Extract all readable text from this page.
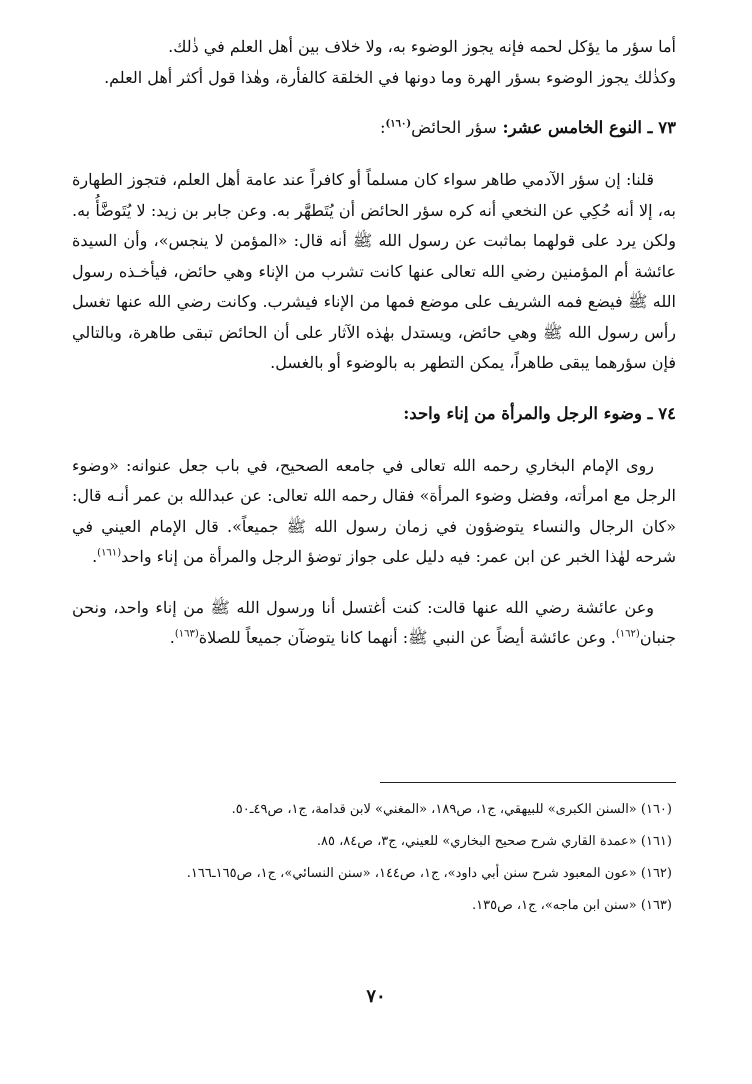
أما سؤر ما يؤكل لحمه فإنه يجوز الوضوء به، ولا خلاف بين أهل العلم في ذٰلك.

وكذٰلك يجوز الوضوء بسؤر الهرة وما دونها في الخلقة كالفأرة، وهٰذا قول أكثر أهل العلم.

٧٣ ـ النوع الخامس عشر: سؤر الحائض$^{(١٦٠)}$:

قلنا: إن سؤر الآدمي طاهر سواء كان مسلماً أو كافراً عند عامة أهل العلم، فتجوز الطهارة به، إلا أنه حُكِي عن النخعي أنه كره سؤر الحائض أن يُتَطهَّر به. وعن جابر بن زيد: لا يُتَوضَّأُ به. ولكن يرد على قولهما بماثبت عن رسول الله ﷺ أنه قال: «المؤمن لا ينجس»، وأن السيدة عائشة أم المؤمنين رضي الله تعالى عنها كانت تشرب من الإناء وهي حائض، فيأخـذه رسول الله ﷺ فيضع فمه الشريف على موضع فمها من الإناء فيشرب. وكانت رضي الله عنها تغسل رأس رسول الله ﷺ وهي حائض، ويستدل بهٰذه الآثار على أن الحائض تبقى طاهرة، وبالتالي فإن سؤرهما يبقى طاهراً، يمكن التطهر به بالوضوء أو بالغسل.

٧٤ ـ وضوء الرجل والمرأة من إناء واحد:

روى الإمام البخاري رحمه الله تعالى في جامعه الصحيح، في باب جعل عنوانه: «وضوء الرجل مع امرأته، وفضل وضوء المرأة» فقال رحمه الله تعالى: عن عبدالله بن عمر أنـه قال: «كان الرجال والنساء يتوضؤون في زمان رسول الله ﷺ جميعاً». قال الإمام العيني في شرحه لهٰذا الخبر عن ابن عمر: فيه دليل على جواز توضؤ الرجل والمرأة من إناء واحد$^{(١٦١)}$.

وعن عائشة رضي الله عنها قالت: كنت أغتسل أنا ورسول الله ﷺ من إناء واحد، ونحن جنبان$^{(١٦٢)}$. وعن عائشة أيضاً عن النبي ﷺ: أنهما كانا يتوضآن جميعاً للصلاة$^{(١٦٣)}$.

(١٦٠) «السنن الكبرى» للبيهقي، ج١، ص١٨٩، «المغني» لابن قدامة، ج١، ص٤٩ـ٥٠.

(١٦١) «عمدة القاري شرح صحيح البخاري» للعيني، ج٣، ص٨٤، ٨٥.

(١٦٢) «عون المعبود شرح سنن أبي داود»، ج١، ص١٤٤، «سنن النسائي»، ج١، ص١٦٥ـ١٦٦.

(١٦٣) «سنن ابن ماجه»، ج١، ص١٣٥.

٧٠
